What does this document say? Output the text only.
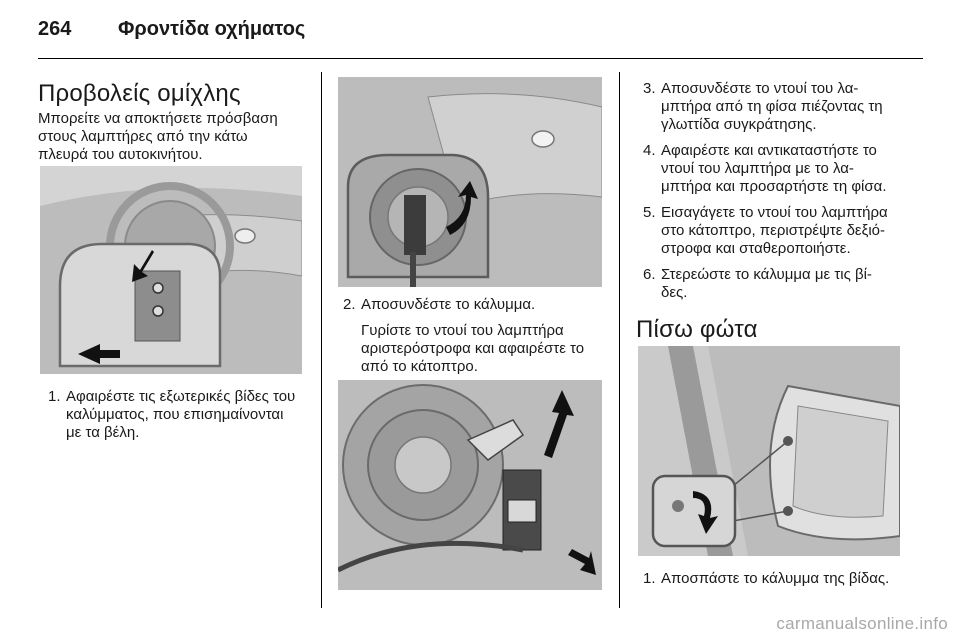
264 Φροντίδα οχήματος
Προβολείς ομίχλης
Μπορείτε να αποκτήσετε πρόσβαση
στους λαμπτήρες από την κάτω
πλευρά του αυτοκινήτου.
1. Αφαιρέστε τις εξωτερικές βίδες του
καλύμματος, που επισημαίνονται
με τα βέλη.
2. Αποσυνδέστε το κάλυμμα.
Γυρίστε το ντουί του λαμπτήρα
αριστερόστροφα και αφαιρέστε το
από το κάτοπτρο.
3. Αποσυνδέστε το ντουί του λα-
μπτήρα από τη φίσα πιέζοντας τη
γλωττίδα συγκράτησης.
4. Αφαιρέστε και αντικαταστήστε το
ντουί του λαμπτήρα με το λα-
μπτήρα και προσαρτήστε τη φίσα.
5. Εισαγάγετε το ντουί του λαμπτήρα
στο κάτοπτρο, περιστρέψτε δεξιό-
στροφα και σταθεροποιήστε.
6. Στερεώστε το κάλυμμα με τις βί-
δες.
Πίσω φώτα
1. Αποσπάστε το κάλυμμα της βίδας.
carmanualsonline.info
